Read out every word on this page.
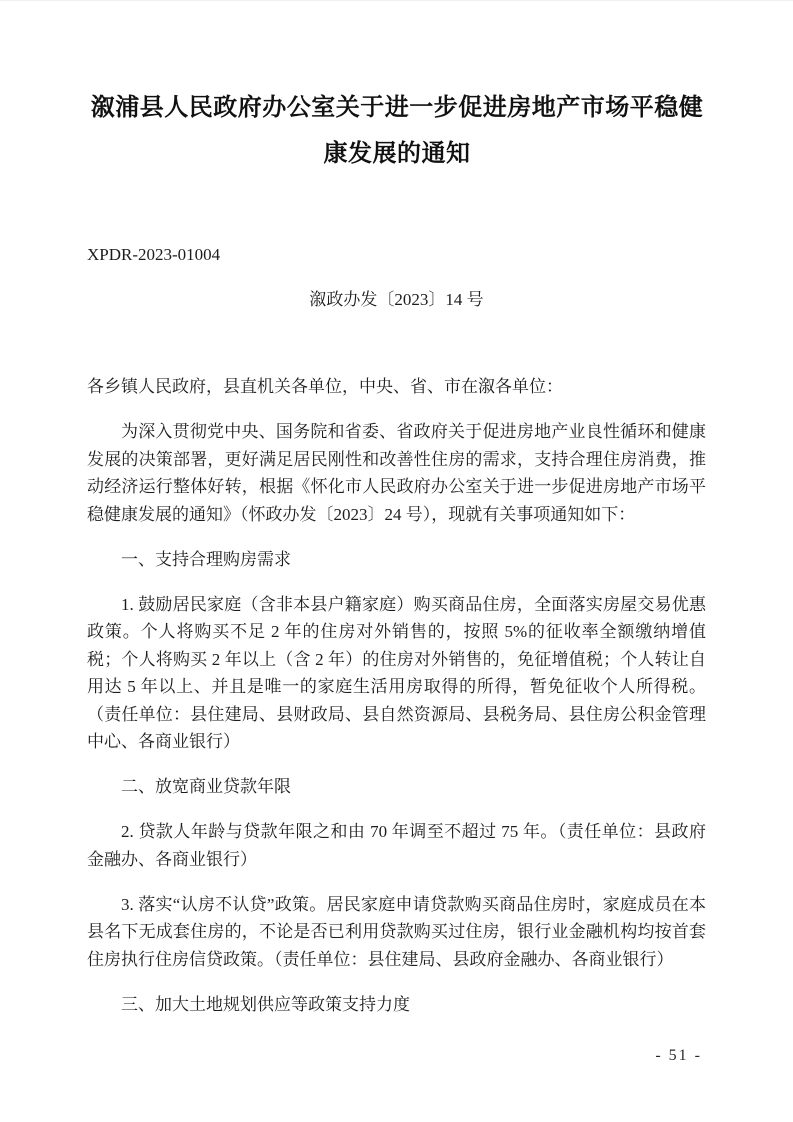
溆浦县人民政府办公室关于进一步促进房地产市场平稳健康发展的通知
XPDR-2023-01004
溆政办发〔2023〕14 号

各乡镇人民政府，县直机关各单位，中央、省、市在溆各单位：

为深入贯彻党中央、国务院和省委、省政府关于促进房地产业良性循环和健康发展的决策部署，更好满足居民刚性和改善性住房的需求，支持合理住房消费，推动经济运行整体好转，根据《怀化市人民政府办公室关于进一步促进房地产市场平稳健康发展的通知》（怀政办发〔2023〕24 号），现就有关事项通知如下：

一、支持合理购房需求

1. 鼓励居民家庭（含非本县户籍家庭）购买商品住房，全面落实房屋交易优惠政策。个人将购买不足 2 年的住房对外销售的，按照 5%的征收率全额缴纳增值税；个人将购买 2 年以上（含 2 年）的住房对外销售的，免征增值税；个人转让自用达 5 年以上、并且是唯一的家庭生活用房取得的所得，暂免征收个人所得税。（责任单位：县住建局、县财政局、县自然资源局、县税务局、县住房公积金管理中心、各商业银行）

二、放宽商业贷款年限

2. 贷款人年龄与贷款年限之和由 70 年调至不超过 75 年。（责任单位：县政府金融办、各商业银行）

3. 落实“认房不认贷”政策。居民家庭申请贷款购买商品住房时，家庭成员在本县名下无成套住房的，不论是否已利用贷款购买过住房，银行业金融机构均按首套住房执行住房信贷政策。（责任单位：县住建局、县政府金融办、各商业银行）

三、加大土地规划供应等政策支持力度

- 51 -
